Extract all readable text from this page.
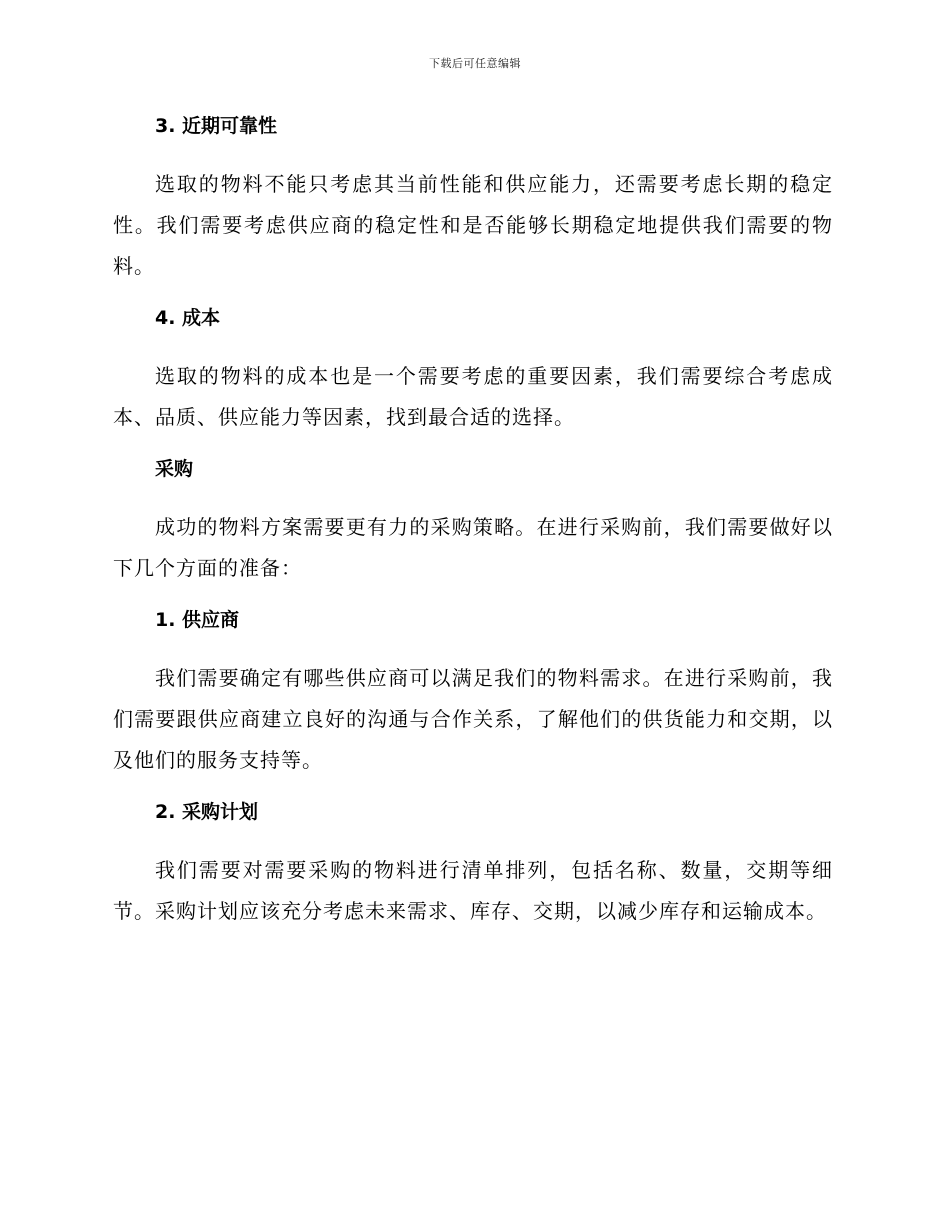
下载后可任意编辑
3. 近期可靠性

选取的物料不能只考虑其当前性能和供应能力，还需要考虑长期的稳定性。我们需要考虑供应商的稳定性和是否能够长期稳定地提供我们需要的物料。

4. 成本

选取的物料的成本也是一个需要考虑的重要因素，我们需要综合考虑成本、品质、供应能力等因素，找到最合适的选择。

采购

成功的物料方案需要更有力的采购策略。在进行采购前，我们需要做好以下几个方面的准备：

1. 供应商

我们需要确定有哪些供应商可以满足我们的物料需求。在进行采购前，我们需要跟供应商建立良好的沟通与合作关系，了解他们的供货能力和交期，以及他们的服务支持等。

2. 采购计划

我们需要对需要采购的物料进行清单排列，包括名称、数量，交期等细节。采购计划应该充分考虑未来需求、库存、交期，以减少库存和运输成本。
